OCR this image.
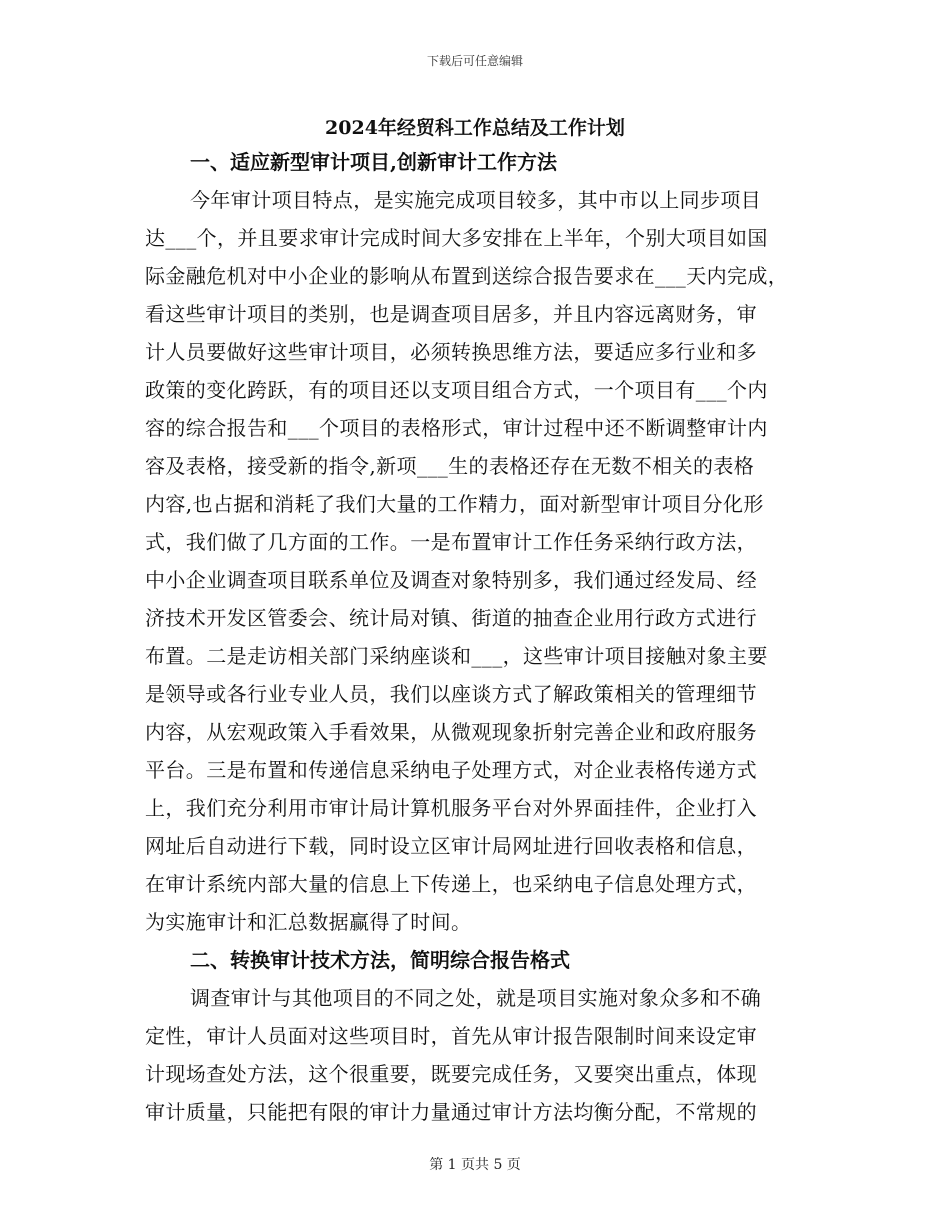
下载后可任意编辑
2024年经贸科工作总结及工作计划
一、适应新型审计项目,创新审计工作方法
今年审计项目特点，是实施完成项目较多，其中市以上同步项目
达___个，并且要求审计完成时间大多安排在上半年，个别大项目如国
际金融危机对中小企业的影响从布置到送综合报告要求在___天内完成，
看这些审计项目的类别，也是调查项目居多，并且内容远离财务，审
计人员要做好这些审计项目，必须转换思维方法，要适应多行业和多
政策的变化跨跃，有的项目还以支项目组合方式，一个项目有___个内
容的综合报告和___个项目的表格形式，审计过程中还不断调整审计内
容及表格，接受新的指令,新项___生的表格还存在无数不相关的表格
内容,也占据和消耗了我们大量的工作精力，面对新型审计项目分化形
式，我们做了几方面的工作。一是布置审计工作任务采纳行政方法，
中小企业调查项目联系单位及调查对象特别多，我们通过经发局、经
济技术开发区管委会、统计局对镇、街道的抽查企业用行政方式进行
布置。二是走访相关部门采纳座谈和___，这些审计项目接触对象主要
是领导或各行业专业人员，我们以座谈方式了解政策相关的管理细节
内容，从宏观政策入手看效果，从微观现象折射完善企业和政府服务
平台。三是布置和传递信息采纳电子处理方式，对企业表格传递方式
上，我们充分利用市审计局计算机服务平台对外界面挂件，企业打入
网址后自动进行下载，同时设立区审计局网址进行回收表格和信息，
在审计系统内部大量的信息上下传递上，也采纳电子信息处理方式，
为实施审计和汇总数据赢得了时间。
二、转换审计技术方法，简明综合报告格式
调查审计与其他项目的不同之处，就是项目实施对象众多和不确
定性，审计人员面对这些项目时，首先从审计报告限制时间来设定审
计现场查处方法，这个很重要，既要完成任务，又要突出重点，体现
审计质量，只能把有限的审计力量通过审计方法均衡分配，不常规的
第 1 页共 5 页
